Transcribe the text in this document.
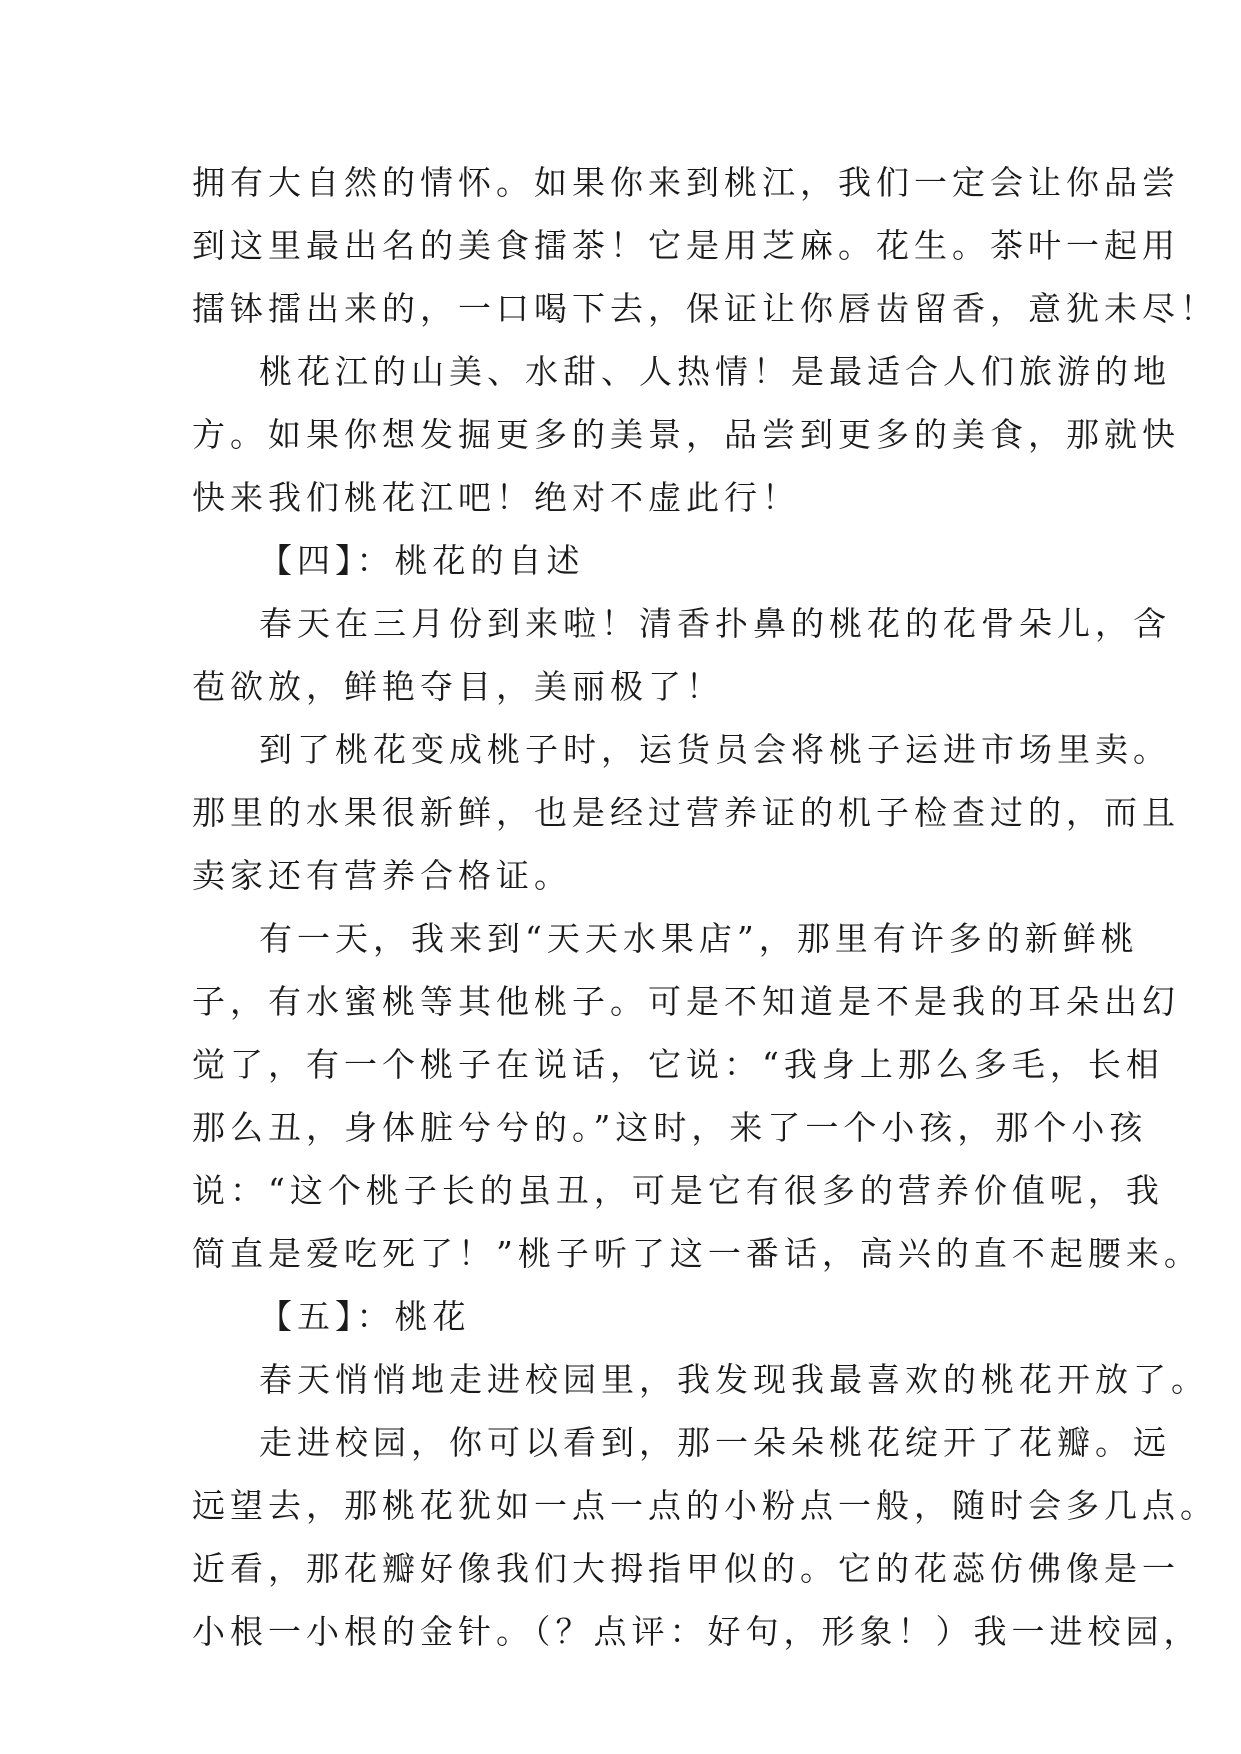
拥有大自然的情怀。如果你来到桃江，我们一定会让你品尝
到这里最出名的美食擂茶！它是用芝麻。花生。茶叶一起用
擂钵擂出来的，一口喝下去，保证让你唇齿留香，意犹未尽！
桃花江的山美、水甜、人热情！是最适合人们旅游的地
方。如果你想发掘更多的美景，品尝到更多的美食，那就快
快来我们桃花江吧！绝对不虚此行！
【四】：桃花的自述
春天在三月份到来啦！清香扑鼻的桃花的花骨朵儿，含
苞欲放，鲜艳夺目，美丽极了！
到了桃花变成桃子时，运货员会将桃子运进市场里卖。
那里的水果很新鲜，也是经过营养证的机子检查过的，而且
卖家还有营养合格证。
有一天，我来到“天天水果店”，那里有许多的新鲜桃
子，有水蜜桃等其他桃子。可是不知道是不是我的耳朵出幻
觉了，有一个桃子在说话，它说：“我身上那么多毛，长相
那么丑，身体脏兮兮的。”这时，来了一个小孩，那个小孩
说：“这个桃子长的虽丑，可是它有很多的营养价值呢，我
简直是爱吃死了！”桃子听了这一番话，高兴的直不起腰来。
【五】：桃花
春天悄悄地走进校园里，我发现我最喜欢的桃花开放了。
走进校园，你可以看到，那一朵朵桃花绽开了花瓣。远
远望去，那桃花犹如一点一点的小粉点一般，随时会多几点。
近看，那花瓣好像我们大拇指甲似的。它的花蕊仿佛像是一
小根一小根的金针。（？点评：好句，形象！）我一进校园，
